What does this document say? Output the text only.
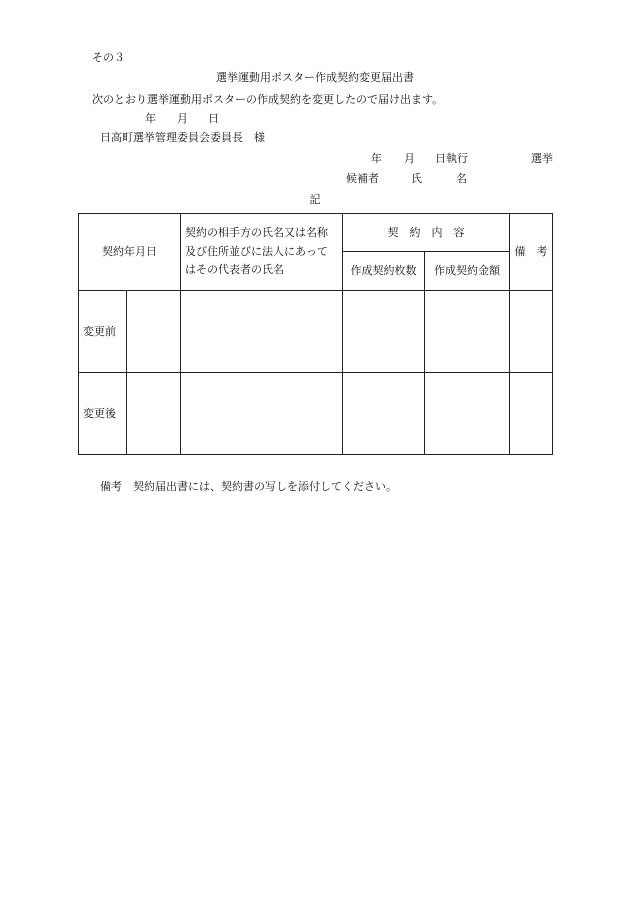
その３
選挙運動用ポスター作成契約変更届出書
次のとおり選挙運動用ポスターの作成契約を変更したので届け出ます。
年 月 日
日高町選挙管理委員会委員長　様
年 月 日執行	選挙
候補者	氏	名
記
契約年月日		契約の相手方の氏名又は名称及び住所並びに法人にあってはその代表者の氏名	契　約　内　容		備　考
			作成契約枚数	作成契約金額	
変更前					
変更後					
備考　契約届出書には、契約書の写しを添付してください。
